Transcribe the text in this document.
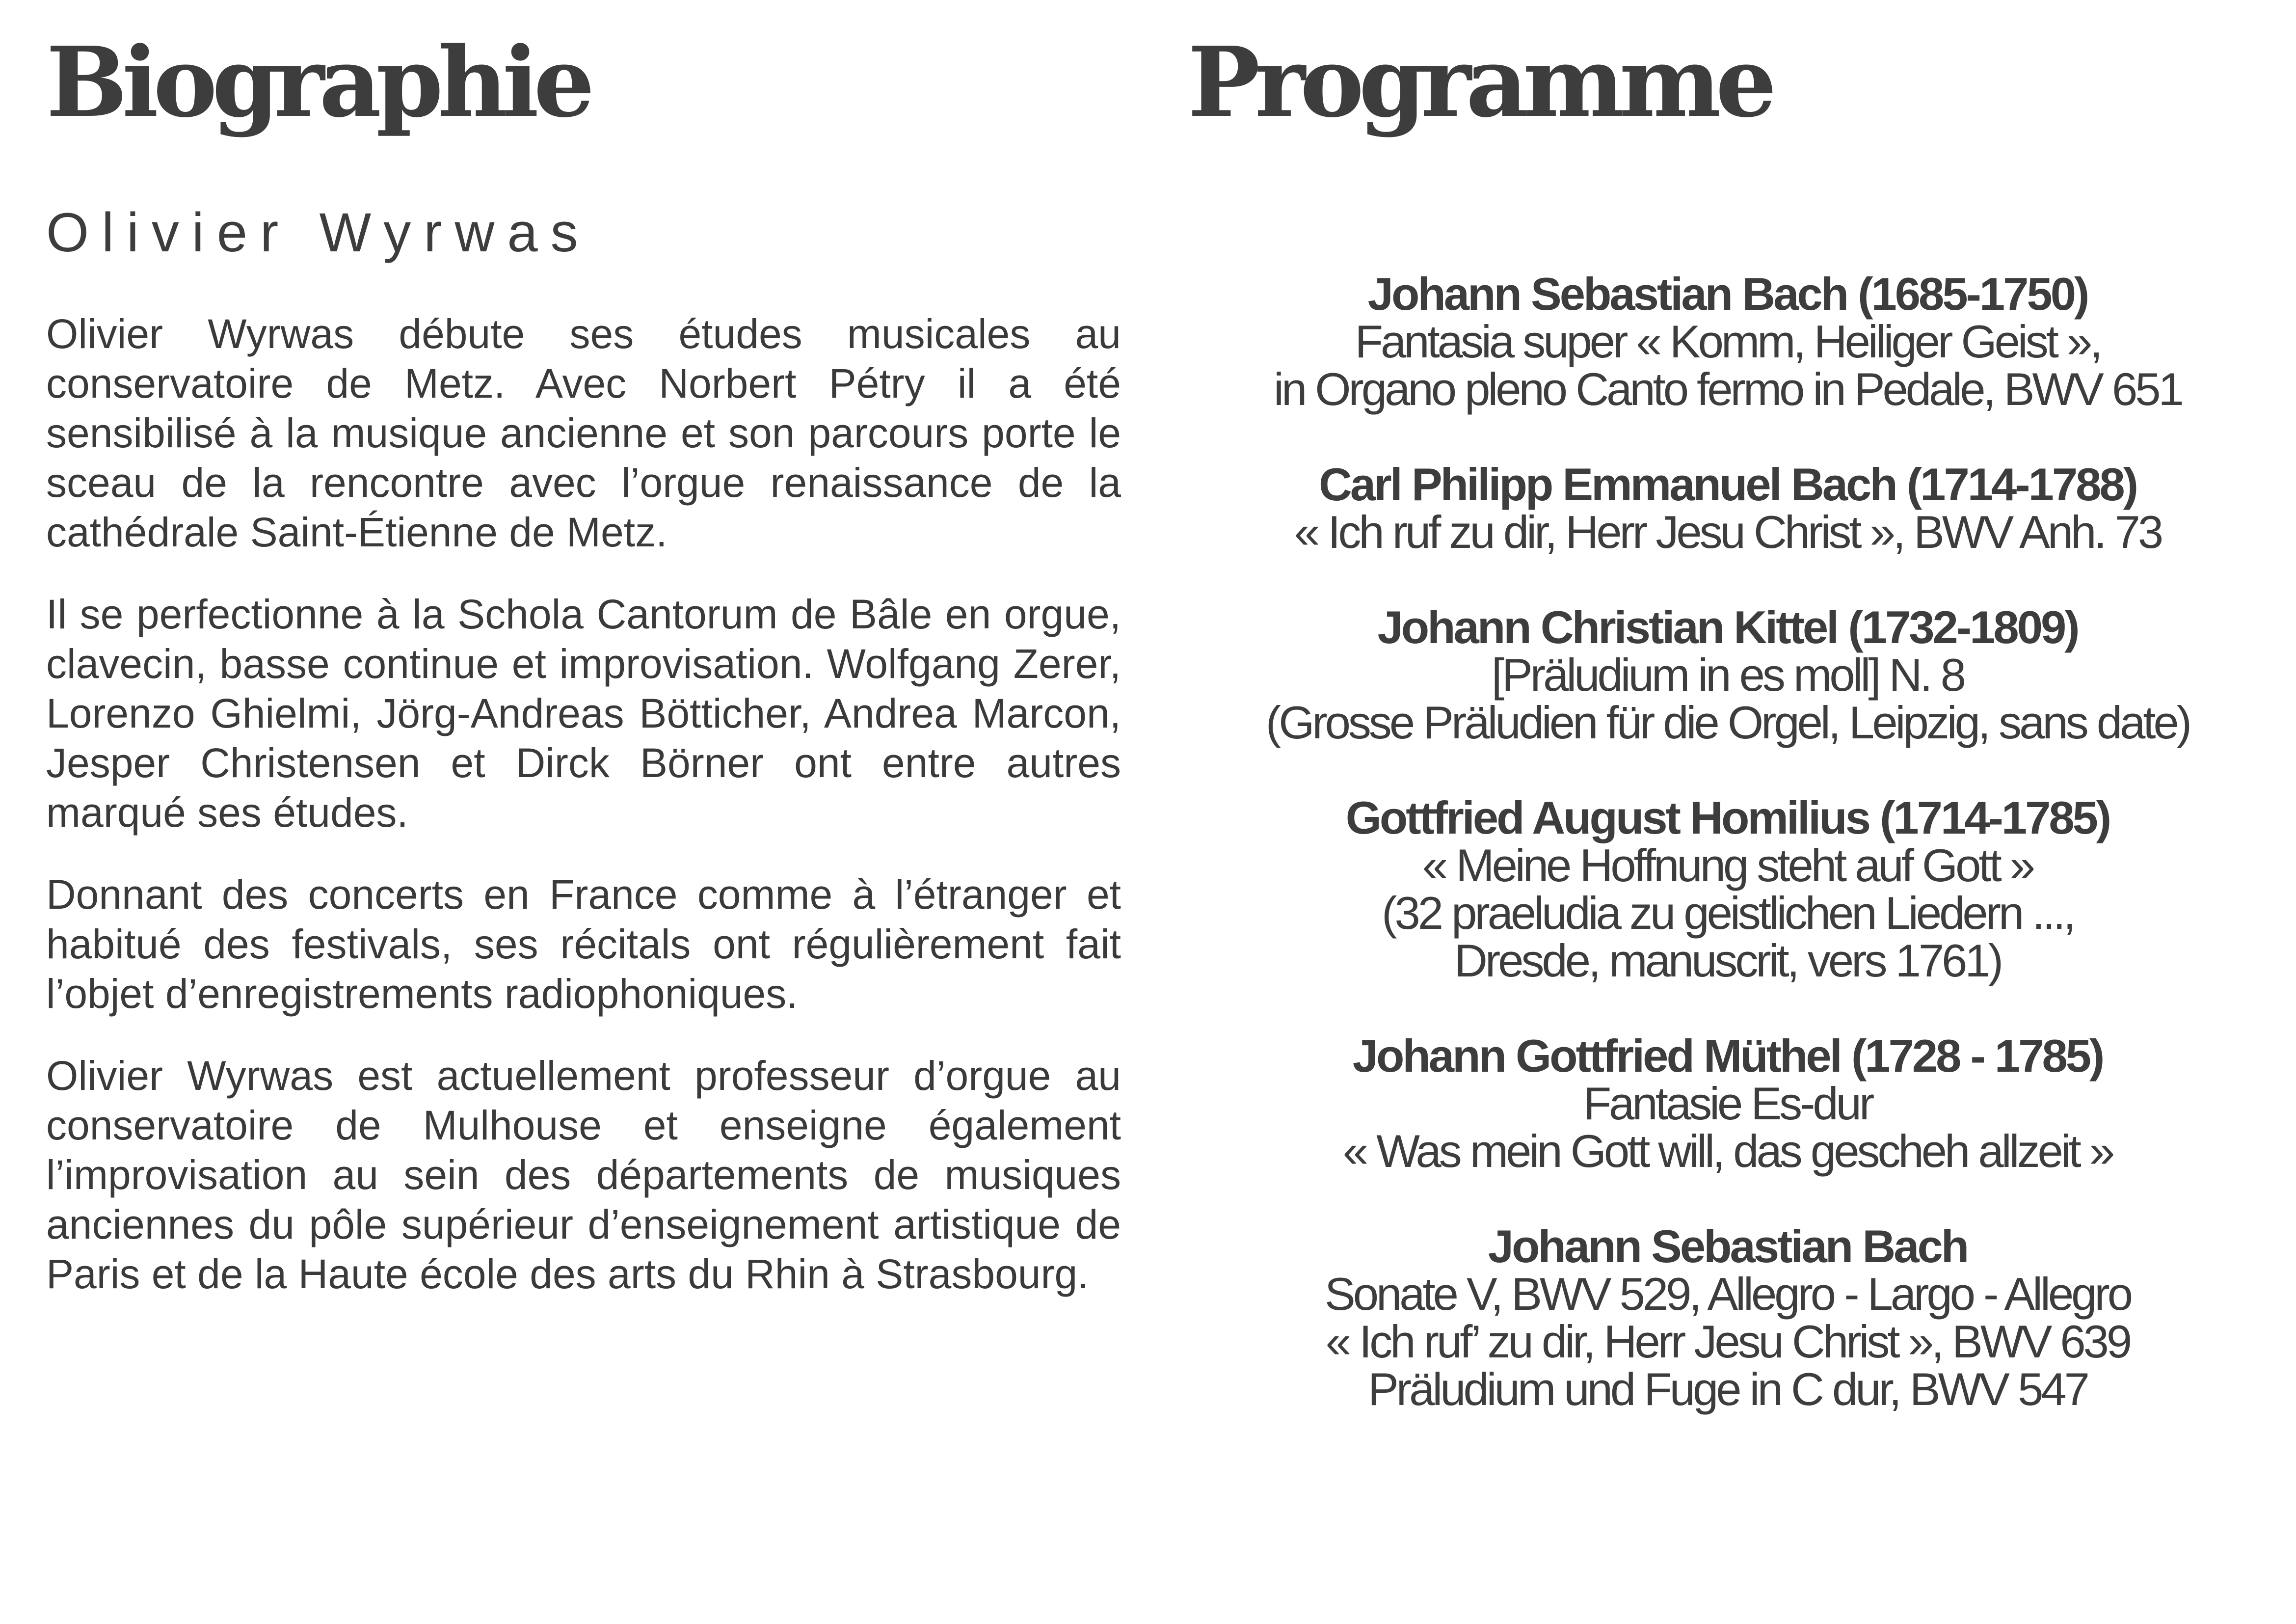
Biographie
Olivier Wyrwas

Olivier Wyrwas débute ses études musicales au conservatoire de Metz. Avec Norbert Pétry il a été sensibilisé à la musique ancienne et son parcours porte le sceau de la rencontre avec l’orgue renaissance de la cathédrale Saint-Étienne de Metz.

Il se perfectionne à la Schola Cantorum de Bâle en orgue, clavecin, basse continue et improvisation. Wolfgang Zerer, Lorenzo Ghielmi, Jörg-Andreas Bötticher, Andrea Marcon, Jesper Christensen et Dirck Börner ont entre autres marqué ses études.

Donnant des concerts en France comme à l’étranger et habitué des festivals, ses récitals ont régulièrement fait l’objet d’enregistrements radiophoniques.

Olivier Wyrwas est actuellement professeur d’orgue au conservatoire de Mulhouse et enseigne également l’improvisation au sein des départements de musiques anciennes du pôle supérieur d’enseignement artistique de Paris et de la Haute école des arts du Rhin à Strasbourg.

Programme
Johann Sebastian Bach (1685-1750)
Fantasia super « Komm, Heiliger Geist »,
in Organo pleno Canto fermo in Pedale, BWV 651
Carl Philipp Emmanuel Bach (1714-1788)
« Ich ruf zu dir, Herr Jesu Christ », BWV Anh. 73
Johann Christian Kittel (1732-1809)
[Präludium in es moll] N. 8
(Grosse Präludien für die Orgel, Leipzig, sans date)
Gottfried August Homilius (1714-1785)
« Meine Hoffnung steht auf Gott »
(32 praeludia zu geistlichen Liedern ...,
Dresde, manuscrit, vers 1761)
Johann Gottfried Müthel (1728 - 1785)
Fantasie Es-dur
« Was mein Gott will, das gescheh allzeit »
Johann Sebastian Bach
Sonate V, BWV 529, Allegro - Largo - Allegro
« Ich ruf’ zu dir, Herr Jesu Christ », BWV 639
Präludium und Fuge in C dur, BWV 547
